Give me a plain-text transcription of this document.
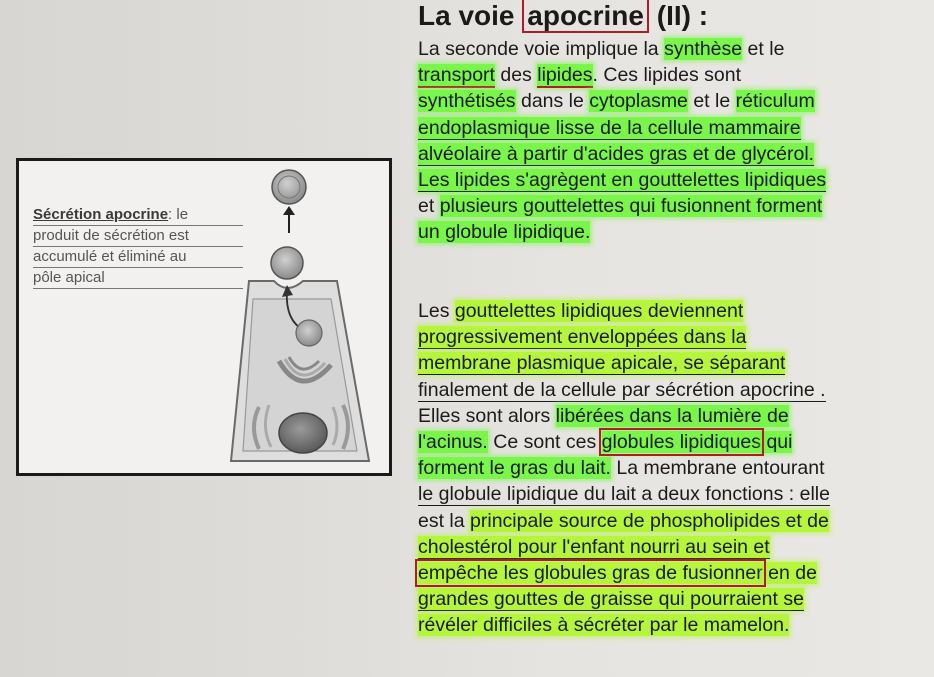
La voie apocrine (II) :
La seconde voie implique la synthèse et le
transport des lipides. Ces lipides sont
synthétisés dans le cytoplasme et le réticulum
endoplasmique lisse de la cellule mammaire
alvéolaire à partir d'acides gras et de glycérol.
Les lipides s'agrègent en gouttelettes lipidiques
et plusieurs gouttelettes qui fusionnent forment
un globule lipidique.
Les gouttelettes lipidiques deviennent
progressivement enveloppées dans la
membrane plasmique apicale, se séparant
finalement de la cellule par sécrétion apocrine .
Elles sont alors libérées dans la lumière de
l'acinus. Ce sont ces globules lipidiques qui
forment le gras du lait. La membrane entourant
le globule lipidique du lait a deux fonctions : elle
est la principale source de phospholipides et de
cholestérol pour l'enfant nourri au sein et
empêche les globules gras de fusionner en de
grandes gouttes de graisse qui pourraient se
révéler difficiles à sécréter par le mamelon.
Sécrétion apocrine: le
produit de sécrétion est
accumulé et éliminé au
pôle apical
